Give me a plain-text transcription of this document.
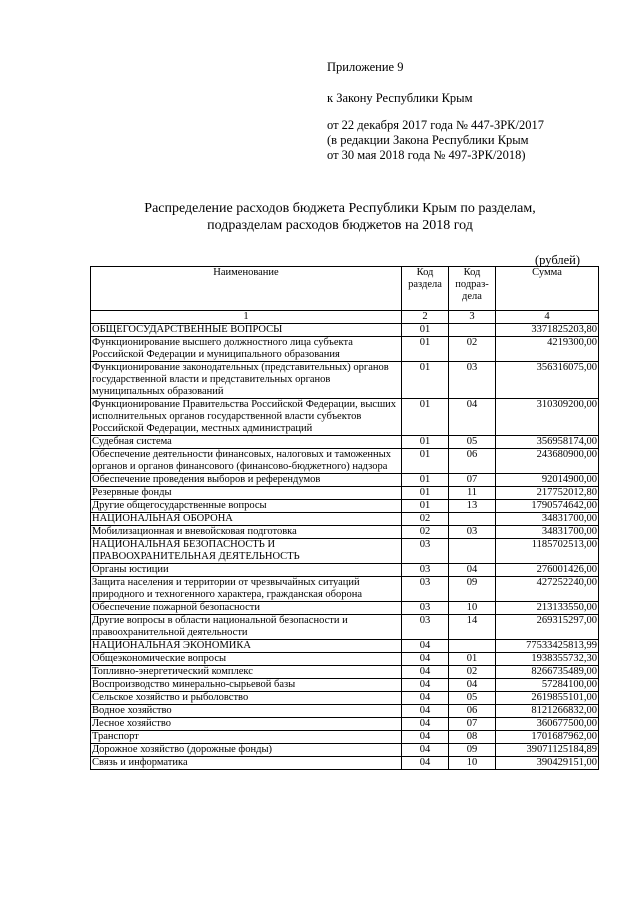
Приложение 9
к Закону Республики Крым
от 22 декабря 2017 года № 447-ЗРК/2017
(в редакции Закона Республики Крым
от 30 мая 2018 года № 497-ЗРК/2018)
Распределение расходов бюджета Республики Крым по разделам,
подразделам расходов бюджетов на 2018 год
(рублей)
Наименование	Код раздела	Код подраз-дела	Сумма
1	2	3	4
ОБЩЕГОСУДАРСТВЕННЫЕ ВОПРОСЫ	01		3371825203,80
Функционирование высшего должностного лица субъекта Российской Федерации и муниципального образования	01	02	4219300,00
Функционирование законодательных (представительных) органов государственной власти и представительных органов муниципальных образований	01	03	356316075,00
Функционирование Правительства Российской Федерации, высших исполнительных органов государственной власти субъектов Российской Федерации, местных администраций	01	04	310309200,00
Судебная система	01	05	356958174,00
Обеспечение деятельности финансовых, налоговых и таможенных органов и органов финансового (финансово-бюджетного) надзора	01	06	243680900,00
Обеспечение проведения выборов и референдумов	01	07	92014900,00
Резервные фонды	01	11	217752012,80
Другие общегосударственные вопросы	01	13	1790574642,00
НАЦИОНАЛЬНАЯ ОБОРОНА	02		34831700,00
Мобилизационная и вневойсковая подготовка	02	03	34831700,00
НАЦИОНАЛЬНАЯ БЕЗОПАСНОСТЬ И ПРАВООХРАНИТЕЛЬНАЯ ДЕЯТЕЛЬНОСТЬ	03		1185702513,00
Органы юстиции	03	04	276001426,00
Защита населения и территории от чрезвычайных ситуаций природного и техногенного характера, гражданская оборона	03	09	427252240,00
Обеспечение пожарной безопасности	03	10	213133550,00
Другие вопросы в области национальной безопасности и правоохранительной деятельности	03	14	269315297,00
НАЦИОНАЛЬНАЯ ЭКОНОМИКА	04		77533425813,99
Общеэкономические вопросы	04	01	1938355732,30
Топливно-энергетический комплекс	04	02	8266735489,00
Воспроизводство минерально-сырьевой базы	04	04	57284100,00
Сельское хозяйство и рыболовство	04	05	2619855101,00
Водное хозяйство	04	06	8121266832,00
Лесное хозяйство	04	07	360677500,00
Транспорт	04	08	1701687962,00
Дорожное хозяйство (дорожные фонды)	04	09	39071125184,89
Связь и информатика	04	10	390429151,00
